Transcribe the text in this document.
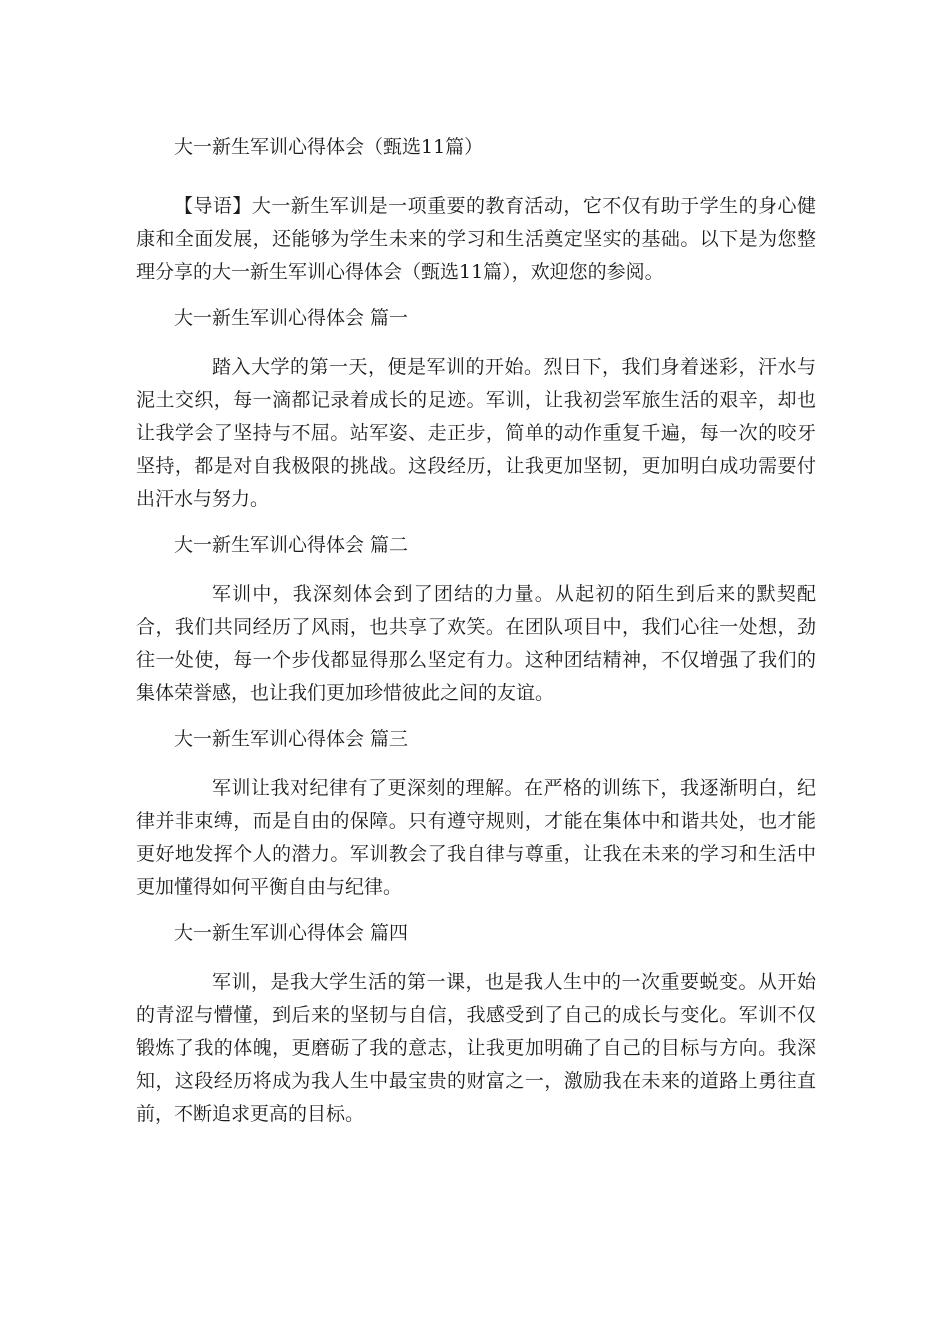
大一新生军训心得体会（甄选11篇）

【导语】大一新生军训是一项重要的教育活动，它不仅有助于学生的身心健康和全面发展，还能够为学生未来的学习和生活奠定坚实的基础。以下是为您整理分享的大一新生军训心得体会（甄选11篇），欢迎您的参阅。

大一新生军训心得体会 篇一

踏入大学的第一天，便是军训的开始。烈日下，我们身着迷彩，汗水与泥土交织，每一滴都记录着成长的足迹。军训，让我初尝军旅生活的艰辛，却也让我学会了坚持与不屈。站军姿、走正步，简单的动作重复千遍，每一次的咬牙坚持，都是对自我极限的挑战。这段经历，让我更加坚韧，更加明白成功需要付出汗水与努力。

大一新生军训心得体会 篇二

军训中，我深刻体会到了团结的力量。从起初的陌生到后来的默契配合，我们共同经历了风雨，也共享了欢笑。在团队项目中，我们心往一处想，劲往一处使，每一个步伐都显得那么坚定有力。这种团结精神，不仅增强了我们的集体荣誉感，也让我们更加珍惜彼此之间的友谊。

大一新生军训心得体会 篇三

军训让我对纪律有了更深刻的理解。在严格的训练下，我逐渐明白，纪律并非束缚，而是自由的保障。只有遵守规则，才能在集体中和谐共处，也才能更好地发挥个人的潜力。军训教会了我自律与尊重，让我在未来的学习和生活中更加懂得如何平衡自由与纪律。

大一新生军训心得体会 篇四

军训，是我大学生活的第一课，也是我人生中的一次重要蜕变。从开始的青涩与懵懂，到后来的坚韧与自信，我感受到了自己的成长与变化。军训不仅锻炼了我的体魄，更磨砺了我的意志，让我更加明确了自己的目标与方向。我深知，这段经历将成为我人生中最宝贵的财富之一，激励我在未来的道路上勇往直前，不断追求更高的目标。
